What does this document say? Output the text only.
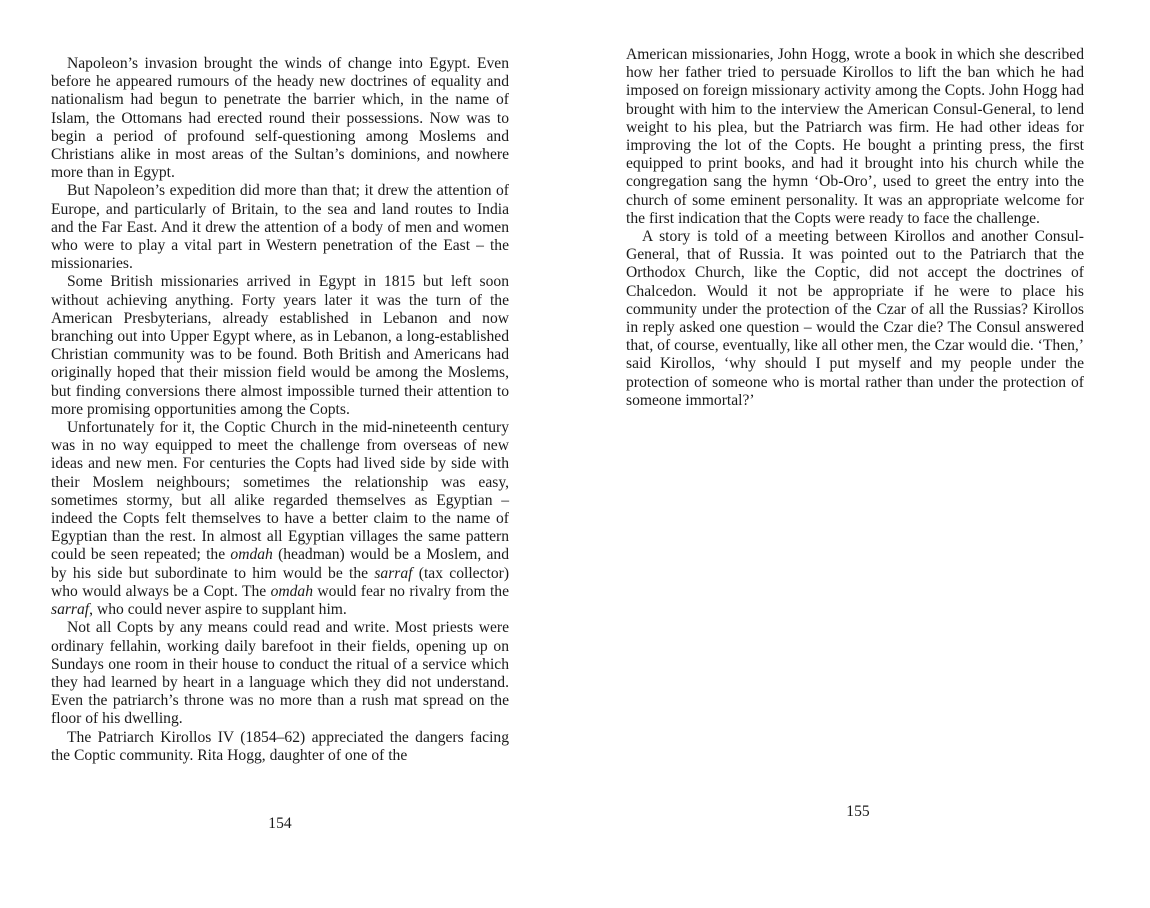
Napoleon’s invasion brought the winds of change into Egypt. Even before he appeared rumours of the heady new doctrines of equality and nationalism had begun to penetrate the barrier which, in the name of Islam, the Ottomans had erected round their possessions. Now was to begin a period of profound self-questioning among Moslems and Christians alike in most areas of the Sultan’s dominions, and nowhere more than in Egypt.

But Napoleon’s expedition did more than that; it drew the attention of Europe, and particularly of Britain, to the sea and land routes to India and the Far East. And it drew the attention of a body of men and women who were to play a vital part in Western penetration of the East – the missionaries.

Some British missionaries arrived in Egypt in 1815 but left soon without achieving anything. Forty years later it was the turn of the American Presbyterians, already established in Lebanon and now branching out into Upper Egypt where, as in Lebanon, a long-established Christian community was to be found. Both British and Americans had originally hoped that their mission field would be among the Moslems, but finding conversions there almost impossible turned their attention to more promising opportunities among the Copts.

Unfortunately for it, the Coptic Church in the mid-nineteenth century was in no way equipped to meet the challenge from overseas of new ideas and new men. For centuries the Copts had lived side by side with their Moslem neighbours; sometimes the relationship was easy, sometimes stormy, but all alike regarded themselves as Egyptian – indeed the Copts felt themselves to have a better claim to the name of Egyptian than the rest. In almost all Egyptian villages the same pattern could be seen repeated; the omdah (headman) would be a Moslem, and by his side but subordinate to him would be the sarraf (tax collector) who would always be a Copt. The omdah would fear no rivalry from the sarraf, who could never aspire to supplant him.

Not all Copts by any means could read and write. Most priests were ordinary fellahin, working daily barefoot in their fields, opening up on Sundays one room in their house to conduct the ritual of a service which they had learned by heart in a language which they did not understand. Even the patriarch’s throne was no more than a rush mat spread on the floor of his dwelling.

The Patriarch Kirollos IV (1854–62) appreciated the dangers facing the Coptic community. Rita Hogg, daughter of one of the

154

American missionaries, John Hogg, wrote a book in which she described how her father tried to persuade Kirollos to lift the ban which he had imposed on foreign missionary activity among the Copts. John Hogg had brought with him to the interview the American Consul-General, to lend weight to his plea, but the Patriarch was firm. He had other ideas for improving the lot of the Copts. He bought a printing press, the first equipped to print books, and had it brought into his church while the congregation sang the hymn ‘Ob-Oro’, used to greet the entry into the church of some eminent personality. It was an appropriate welcome for the first indication that the Copts were ready to face the challenge.

A story is told of a meeting between Kirollos and another Consul-General, that of Russia. It was pointed out to the Patriarch that the Orthodox Church, like the Coptic, did not accept the doctrines of Chalcedon. Would it not be appropriate if he were to place his community under the protection of the Czar of all the Russias? Kirollos in reply asked one question – would the Czar die? The Consul answered that, of course, eventually, like all other men, the Czar would die. ‘Then,’ said Kirollos, ‘why should I put myself and my people under the protection of someone who is mortal rather than under the protection of someone immortal?’

155
